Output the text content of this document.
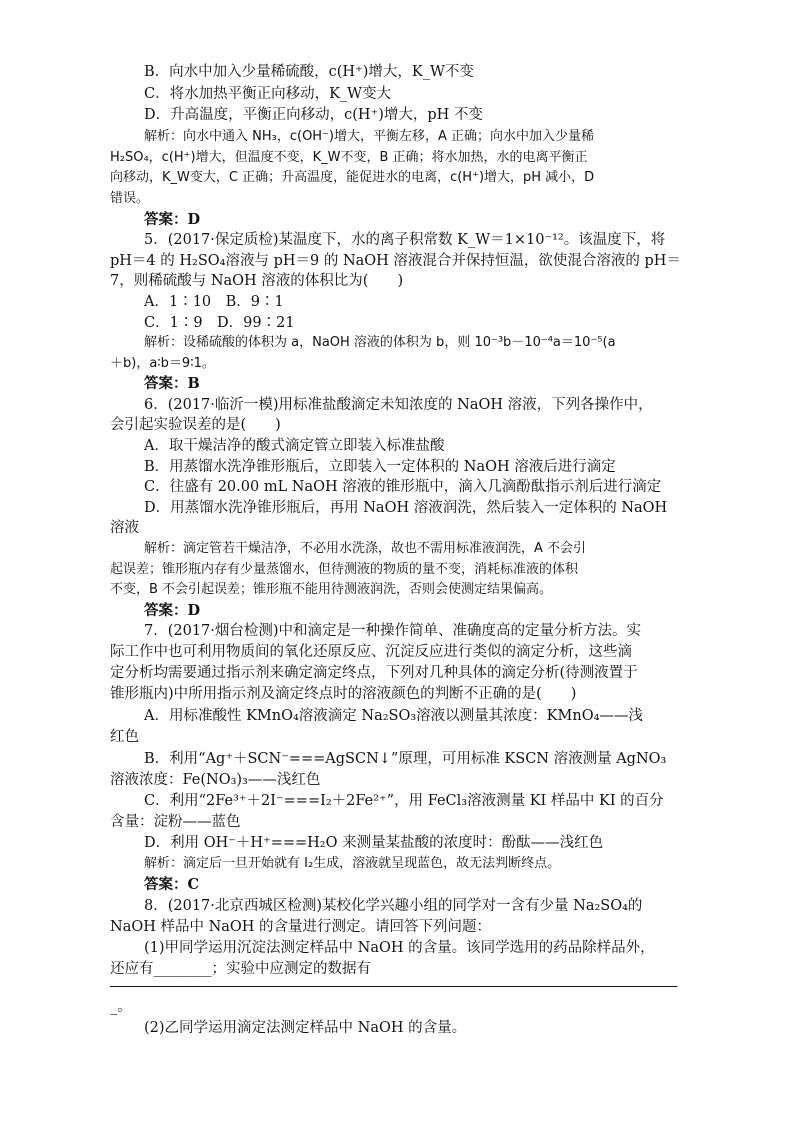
B．向水中加入少量稀硫酸，c(H⁺)增大，K_W不变
C．将水加热平衡正向移动，K_W变大
D．升高温度，平衡正向移动，c(H⁺)增大，pH 不变
解析：向水中通入 NH₃，c(OH⁻)增大，平衡左移，A 正确；向水中加入少量稀
H₂SO₄，c(H⁺)增大，但温度不变，K_W不变，B 正确；将水加热，水的电离平衡正
向移动，K_W变大，C 正确；升高温度，能促进水的电离，c(H⁺)增大，pH 减小，D
错误。
答案：D
5．(2017·保定质检)某温度下，水的离子积常数 K_W＝1×10⁻¹²。该温度下，将
pH＝4 的 H₂SO₄溶液与 pH＝9 的 NaOH 溶液混合并保持恒温，欲使混合溶液的 pH＝
7，则稀硫酸与 NaOH 溶液的体积比为(　　)
A．1∶10　B．9∶1
C．1∶9　D．99∶21
解析：设稀硫酸的体积为 a，NaOH 溶液的体积为 b，则 10⁻³b－10⁻⁴a＝10⁻⁵(a
＋b)，a∶b＝9∶1。
答案：B
6．(2017·临沂一模)用标准盐酸滴定未知浓度的 NaOH 溶液，下列各操作中，
会引起实验误差的是(　　)
A．取干燥洁净的酸式滴定管立即装入标准盐酸
B．用蒸馏水洗净锥形瓶后，立即装入一定体积的 NaOH 溶液后进行滴定
C．往盛有 20.00 mL NaOH 溶液的锥形瓶中，滴入几滴酚酞指示剂后进行滴定
D．用蒸馏水洗净锥形瓶后，再用 NaOH 溶液润洗，然后装入一定体积的 NaOH
溶液
解析：滴定管若干燥洁净，不必用水洗涤，故也不需用标准液润洗，A 不会引
起误差；锥形瓶内存有少量蒸馏水，但待测液的物质的量不变，消耗标准液的体积
不变，B 不会引起误差；锥形瓶不能用待测液润洗，否则会使测定结果偏高。
答案：D
7．(2017·烟台检测)中和滴定是一种操作简单、准确度高的定量分析方法。实
际工作中也可利用物质间的氧化还原反应、沉淀反应进行类似的滴定分析，这些滴
定分析均需要通过指示剂来确定滴定终点，下列对几种具体的滴定分析(待测液置于
锥形瓶内)中所用指示剂及滴定终点时的溶液颜色的判断不正确的是(　　)
A．用标准酸性 KMnO₄溶液滴定 Na₂SO₃溶液以测量其浓度：KMnO₄——浅
红色
B．利用“Ag⁺＋SCN⁻===AgSCN↓”原理，可用标准 KSCN 溶液测量 AgNO₃
溶液浓度：Fe(NO₃)₃——浅红色
C．利用“2Fe³⁺＋2I⁻===I₂＋2Fe²⁺”，用 FeCl₃溶液测量 KI 样品中 KI 的百分
含量：淀粉——蓝色
D．利用 OH⁻＋H⁺===H₂O 来测量某盐酸的浓度时：酚酞——浅红色
解析：滴定后一旦开始就有 I₂生成，溶液就呈现蓝色，故无法判断终点。
答案：C
8．(2017·北京西城区检测)某校化学兴趣小组的同学对一含有少量 Na₂SO₄的
NaOH 样品中 NaOH 的含量进行测定。请回答下列问题：
(1)甲同学运用沉淀法测定样品中 NaOH 的含量。该同学选用的药品除样品外，
还应有________；实验中应测定的数据有
_。
(2)乙同学运用滴定法测定样品中 NaOH 的含量。
